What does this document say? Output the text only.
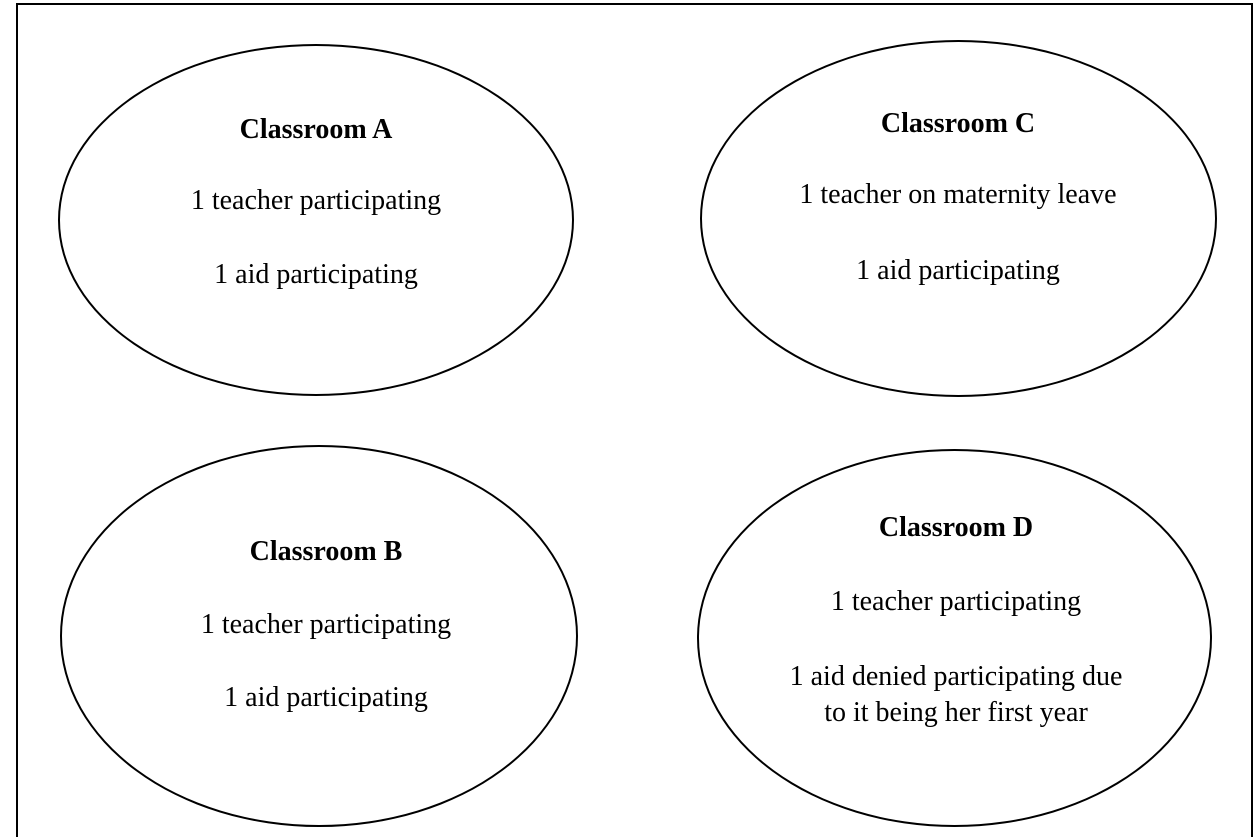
Classroom A
1 teacher participating
1 aid participating
Classroom C
1 teacher on maternity leave
1 aid participating
Classroom B
1 teacher participating
1 aid participating
Classroom D
1 teacher participating
1 aid denied participating due
to it being her first year
